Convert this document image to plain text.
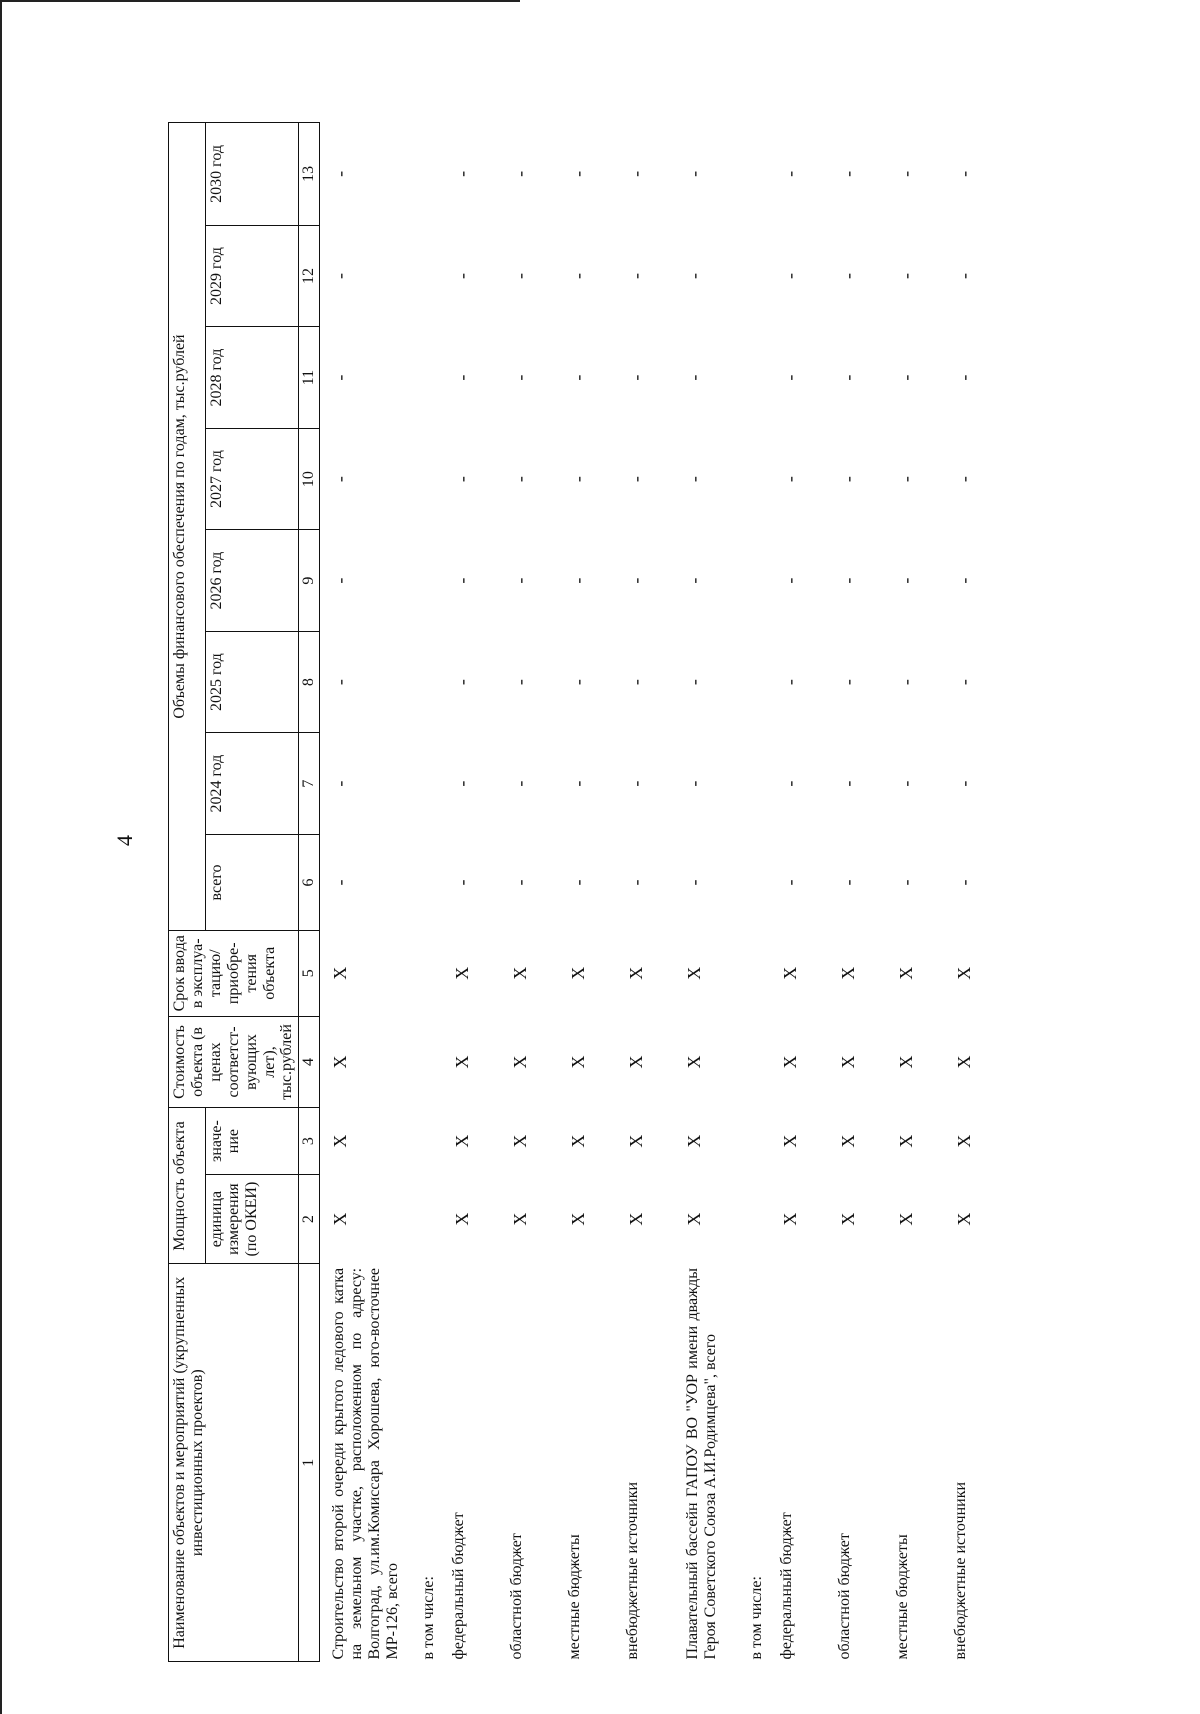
4
Наименование объектов и мероприятий (укрупненных инвестиционных проектов)	Мощность объекта		Стоимость объекта (в ценах соответст-вующих лет), тыс.рублей	Срок ввода в эксплуа-тацию/ приобре-тения объекта	Объемы финансового обеспечения по годам, тыс.рублей							
	единица измерения (по ОКЕИ)	значе-ние			всего	2024 год	2025 год	2026 год	2027 год	2028 год	2029 год	2030 год
1	2	3	4	5	6	7	8	9	10	11	12	13
Строительство второй очереди крытого ледового катка на земельном участке, расположенном по адресу: Волгоград, ул.им.Комиссара Хорошева, юго-восточнее МР-126, всего	X	X	X	X	-	-	-	-	-	-	-	-
в том числе:												
федеральный бюджет	X	X	X	X	-	-	-	-	-	-	-	-
областной бюджет	X	X	X	X	-	-	-	-	-	-	-	-
местные бюджеты	X	X	X	X	-	-	-	-	-	-	-	-
внебюджетные источники	X	X	X	X	-	-	-	-	-	-	-	-
Плавательный бассейн ГАПОУ ВО "УОР имени дважды Героя Советского Союза А.И.Родимцева", всего	X	X	X	X	-	-	-	-	-	-	-	-
в том числе:												
федеральный бюджет	X	X	X	X	-	-	-	-	-	-	-	-
областной бюджет	X	X	X	X	-	-	-	-	-	-	-	-
местные бюджеты	X	X	X	X	-	-	-	-	-	-	-	-
внебюджетные источники	X	X	X	X	-	-	-	-	-	-	-	-
